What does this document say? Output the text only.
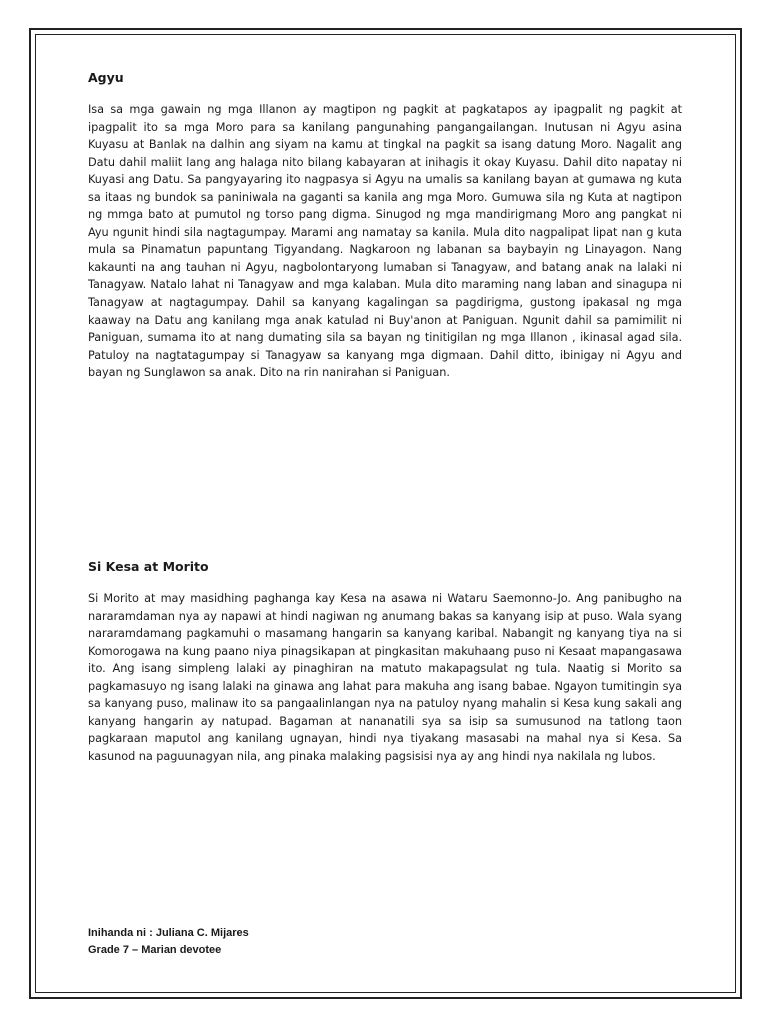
Agyu

Isa sa mga gawain ng mga Illanon ay magtipon ng pagkit at pagkatapos ay ipagpalit ng pagkit at ipagpalit ito sa mga Moro para sa kanilang pangunahing pangangailangan. Inutusan ni Agyu asina Kuyasu at Banlak na dalhin ang siyam na kamu at tingkal na pagkit sa isang datung Moro. Nagalit ang Datu dahil maliit lang ang halaga nito bilang kabayaran at inihagis it okay Kuyasu. Dahil dito napatay ni Kuyasi ang Datu. Sa pangyayaring ito nagpasya si Agyu na umalis sa kanilang bayan at gumawa ng kuta sa itaas ng bundok sa paniniwala na gaganti sa kanila ang mga Moro. Gumuwa sila ng Kuta at nagtipon ng mmga bato at pumutol ng torso pang digma. Sinugod ng mga mandirigmang Moro ang pangkat ni Ayu ngunit hindi sila nagtagumpay. Marami ang namatay sa kanila. Mula dito nagpalipat lipat nan g kuta mula sa Pinamatun papuntang Tigyandang. Nagkaroon ng labanan sa baybayin ng Linayagon. Nang kakaunti na ang tauhan ni Agyu, nagbolontaryong lumaban si Tanagyaw, and batang anak na lalaki ni Tanagyaw. Natalo lahat ni Tanagyaw and mga kalaban. Mula dito maraming nang laban and sinagupa ni Tanagyaw at nagtagumpay. Dahil sa kanyang kagalingan sa pagdirigma, gustong ipakasal ng mga kaaway na Datu ang kanilang mga anak katulad ni Buy'anon at Paniguan. Ngunit dahil sa pamimilit ni Paniguan, sumama ito at nang dumating sila sa bayan ng tinitigilan ng mga Illanon , ikinasal agad sila. Patuloy na nagtatagumpay si Tanagyaw sa kanyang mga digmaan. Dahil ditto, ibinigay ni Agyu and bayan ng Sunglawon sa anak. Dito na rin nanirahan si Paniguan.

Si Kesa at Morito

Si Morito at may masidhing paghanga kay Kesa na asawa ni Wataru Saemonno-Jo. Ang panibugho na nararamdaman nya ay napawi at hindi nagiwan ng anumang bakas sa kanyang isip at puso. Wala syang nararamdamang pagkamuhi o masamang hangarin sa kanyang karibal. Nabangit ng kanyang tiya na si Komorogawa na kung paano niya pinagsikapan at pingkasitan makuhaang puso ni Kesaat mapangasawa ito. Ang isang simpleng lalaki ay pinaghiran na matuto makapagsulat ng tula. Naatig si Morito sa pagkamasuyo ng isang lalaki na ginawa ang lahat para makuha ang isang babae. Ngayon tumitingin sya sa kanyang puso, malinaw ito sa pangaalinlangan nya na patuloy nyang mahalin si Kesa kung sakali ang kanyang hangarin ay natupad. Bagaman at nananatili sya sa isip sa sumusunod na tatlong taon pagkaraan maputol ang kanilang ugnayan, hindi nya tiyakang masasabi na mahal nya si Kesa. Sa kasunod na paguunagyan nila, ang pinaka malaking pagsisisi nya ay ang hindi nya nakilala ng lubos.

Inihanda ni : Juliana C. Mijares
Grade 7 – Marian devotee
